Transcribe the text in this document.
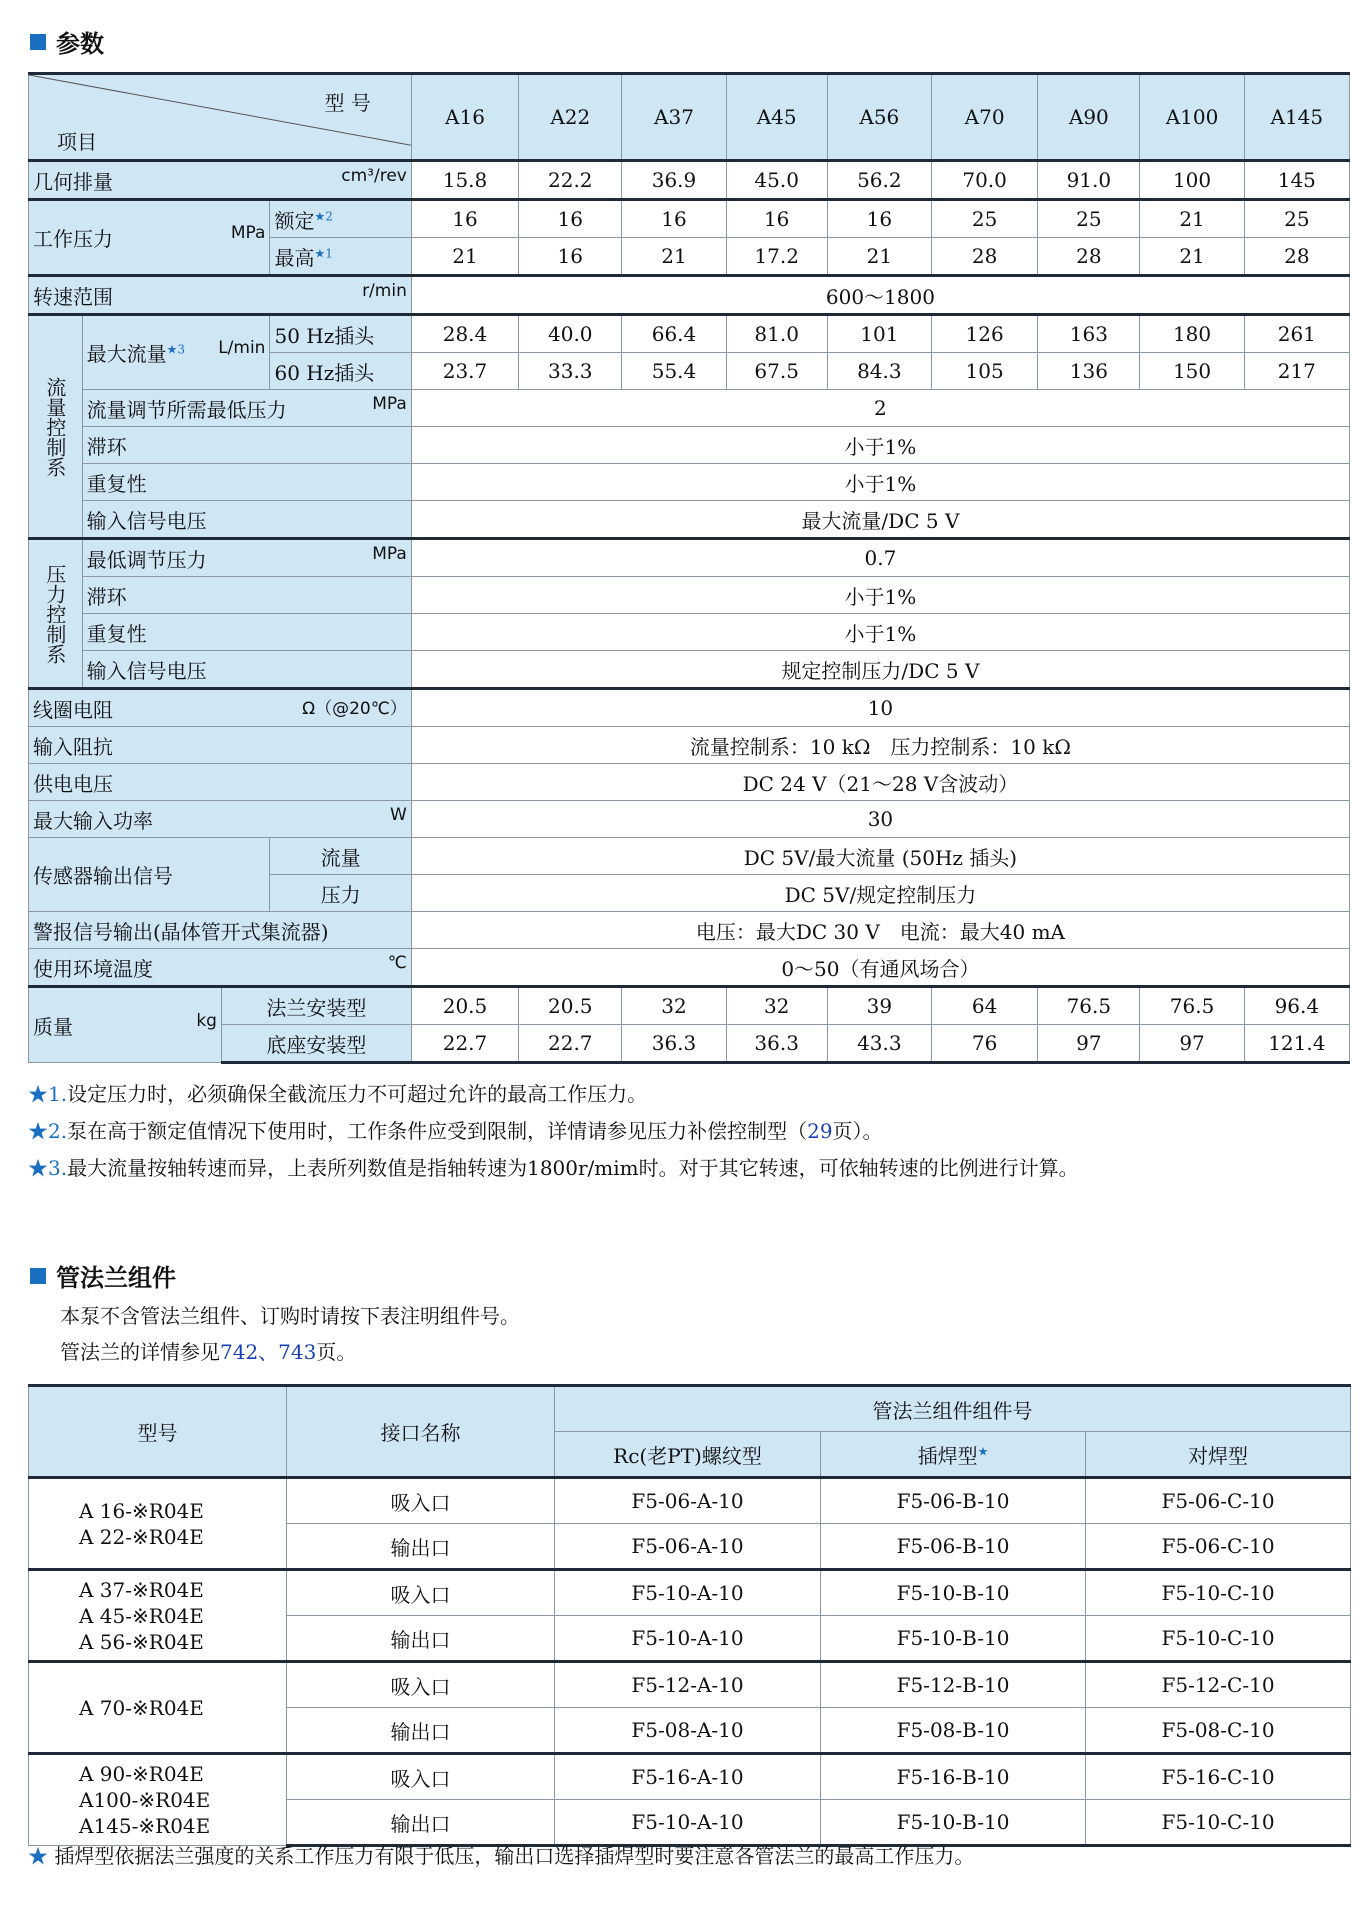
参数
型 号
项目				A16	A22	A37	A45	A56	A70	A90	A100	A145
几何排量 cm³/rev				15.8	22.2	36.9	45.0	56.2	70.0	91.0	100	145
工作压力 MPa			额定$^{★2}$	16	16	16	16	16	25	25	21	25
			最高$^{★1}$	21	16	21	17.2	21	28	28	21	28
转速范围 r/min				600～1800								
流量控制系	最大流量$^{★3}$ L/min		50 Hz插头	28.4	40.0	66.4	81.0	101	126	163	180	261
			60 Hz插头	23.7	33.3	55.4	67.5	84.3	105	136	150	217
	流量调节所需最低压力 MPa			2								
	滞环			小于1%								
	重复性			小于1%								
	输入信号电压			最大流量/DC 5 V								
压力控制系	最低调节压力 MPa			0.7								
	滞环			小于1%								
	重复性			小于1%								
	输入信号电压			规定控制压力/DC 5 V								
线圈电阻 Ω（@20℃）				10								
输入阻抗				流量控制系：10 kΩ　压力控制系：10 kΩ								
供电电压				DC 24 V（21～28 V含波动）								
最大输入功率 W				30								
传感器输出信号			流量	DC 5V/最大流量 (50Hz 插头)								
			压力	DC 5V/规定控制压力								
警报信号输出(晶体管开式集流器)				电压：最大DC 30 V　电流：最大40 mA								
使用环境温度 ℃				0～50（有通风场合）								
质量 kg		法兰安装型		20.5	20.5	32	32	39	64	76.5	76.5	96.4
		底座安装型		22.7	22.7	36.3	36.3	43.3	76	97	97	121.4
★1.设定压力时，必须确保全截流压力不可超过允许的最高工作压力。
★2.泵在高于额定值情况下使用时，工作条件应受到限制，详情请参见压力补偿控制型（29页）。
★3.最大流量按轴转速而异，上表所列数值是指轴转速为1800r/mim时。对于其它转速，可依轴转速的比例进行计算。
管法兰组件
本泵不含管法兰组件、订购时请按下表注明组件号。
管法兰的详情参见742、743页。
型号	接口名称	管法兰组件组件号		
		Rc(老PT)螺纹型	插焊型★	对焊型

A 16-※R04E
A 22-※R04E	吸入口	F5-06-A-10	F5-06-B-10	F5-06-C-10
	输出口	F5-06-A-10	F5-06-B-10	F5-06-C-10

A 37-※R04E
A 45-※R04E
A 56-※R04E	吸入口	F5-10-A-10	F5-10-B-10	F5-10-C-10
	输出口	F5-10-A-10	F5-10-B-10	F5-10-C-10

A 70-※R04E	吸入口	F5-12-A-10	F5-12-B-10	F5-12-C-10
	输出口	F5-08-A-10	F5-08-B-10	F5-08-C-10

A 90-※R04E
A100-※R04E
A145-※R04E	吸入口	F5-16-A-10	F5-16-B-10	F5-16-C-10
	输出口	F5-10-A-10	F5-10-B-10	F5-10-C-10
★ 插焊型依据法兰强度的关系工作压力有限于低压，输出口选择插焊型时要注意各管法兰的最高工作压力。
